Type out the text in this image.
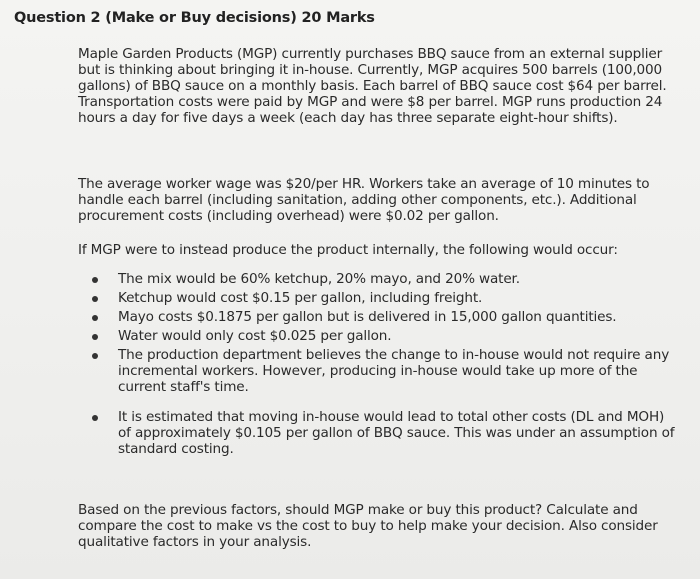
Question 2 (Make or Buy decisions) 20 Marks

Maple Garden Products (MGP) currently purchases BBQ sauce from an external supplier but is thinking about bringing it in-house. Currently, MGP acquires 500 barrels (100,000 gallons) of BBQ sauce on a monthly basis. Each barrel of BBQ sauce cost $64 per barrel. Transportation costs were paid by MGP and were $8 per barrel. MGP runs production 24 hours a day for five days a week (each day has three separate eight-hour shifts).

The average worker wage was $20/per HR. Workers take an average of 10 minutes to handle each barrel (including sanitation, adding other components, etc.). Additional procurement costs (including overhead) were $0.02 per gallon.

If MGP were to instead produce the product internally, the following would occur:

The mix would be 60% ketchup, 20% mayo, and 20% water.
Ketchup would cost $0.15 per gallon, including freight.
Mayo costs $0.1875 per gallon but is delivered in 15,000 gallon quantities.
Water would only cost $0.025 per gallon.
The production department believes the change to in-house would not require any incremental workers. However, producing in-house would take up more of the current staff's time.
It is estimated that moving in-house would lead to total other costs (DL and MOH) of approximately $0.105 per gallon of BBQ sauce. This was under an assumption of standard costing.

Based on the previous factors, should MGP make or buy this product? Calculate and compare the cost to make vs the cost to buy to help make your decision. Also consider qualitative factors in your analysis.
